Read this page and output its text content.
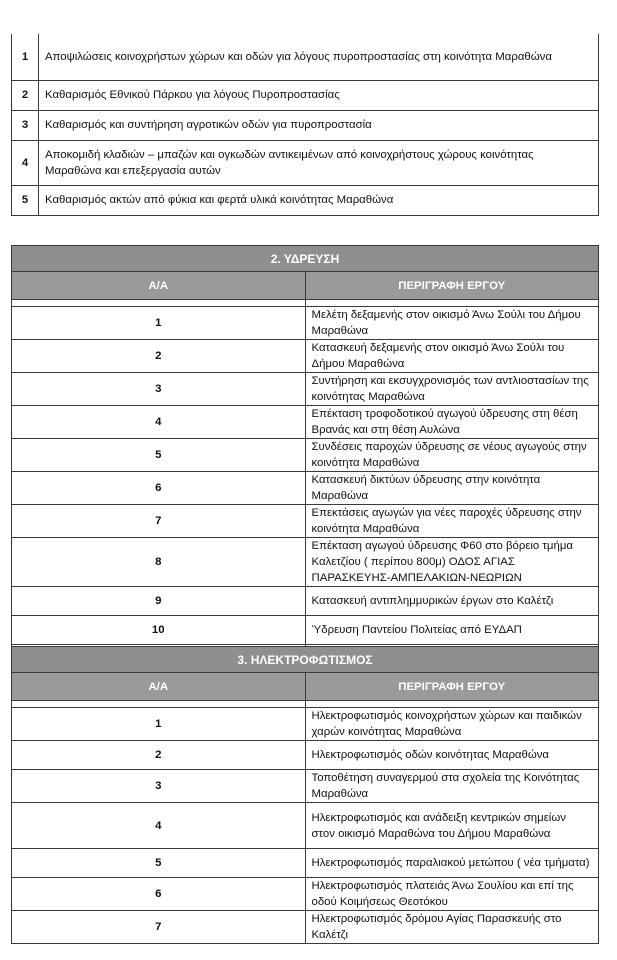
1	Αποψιλώσεις κοινοχρήστων χώρων και οδών για λόγους πυροπροστασίας στη κοινότητα Μαραθώνα
2	Καθαρισμός Εθνικού Πάρκου για λόγους Πυροπροστασίας
3	Καθαρισμός και συντήρηση αγροτικών οδών για πυροπροστασία
4	Αποκομιδή κλαδιών – μπαζών και ογκωδών αντικειμένων από κοινοχρήστους χώρους κοινότητας Μαραθώνα και επεξεργασία αυτών
5	Καθαρισμός ακτών από φύκια και φερτά υλικά κοινότητας Μαραθώνα
2. ΥΔΡΕΥΣΗ	
Α/Α	ΠΕΡΙΓΡΑΦΗ ΕΡΓΟΥ

1	Μελέτη δεξαμενής στον οικισμό Άνω Σούλι του Δήμου Μαραθώνα
2	Κατασκευή δεξαμενής στον οικισμό Άνω Σούλι του Δήμου Μαραθώνα
3	Συντήρηση και εκσυγχρονισμός των αντλιοστασίων της κοινότητας Μαραθώνα
4	Επέκταση τροφοδοτικού αγωγού ύδρευσης στη θέση Βρανάς και στη θέση Αυλώνα
5	Συνδέσεις παροχών ύδρευσης σε νέους αγωγούς στην κοινότητα Μαραθώνα
6	Κατασκευή δικτύων ύδρευσης στην κοινότητα Μαραθώνα
7	Επεκτάσεις αγωγών για νέες παροχές ύδρευσης στην κοινότητα Μαραθώνα
8	Επέκταση αγωγού ύδρευσης Φ60 στο βόρειο τμήμα Καλετζίου ( περίπου 800μ) ΟΔΟΣ ΑΓΙΑΣ ΠΑΡΑΣΚΕΥΗΣ-ΑΜΠΕΛΑΚΙΩΝ-ΝΕΩΡΙΩΝ
9	Κατασκευή αντιπλημμυρικών έργων στο Καλέτζι
10	Ύδρευση Παντείου Πολιτείας από ΕΥΔΑΠ

3. ΗΛΕΚΤΡΟΦΩΤΙΣΜΟΣ	
Α/Α	ΠΕΡΙΓΡΑΦΗ ΕΡΓΟΥ

1	Ηλεκτροφωτισμός κοινοχρήστων χώρων και παιδικών χαρών κοινότητας Μαραθώνα
2	Ηλεκτροφωτισμός οδών κοινότητας Μαραθώνα
3	Τοποθέτηση συναγερμού στα σχολεία της Κοινότητας Μαραθώνα
4	Ηλεκτροφωτισμός και ανάδειξη κεντρικών σημείων στον οικισμό Μαραθώνα του Δήμου Μαραθώνα
5	Ηλεκτροφωτισμός παραλιακού μετώπου ( νέα τμήματα)
6	Ηλεκτροφωτισμός πλατειάς Άνω Σουλίου και επί της οδού Κοιμήσεως Θεοτόκου
7	Ηλεκτροφωτισμός δρόμου Αγίας Παρασκευής στο Καλέτζι
